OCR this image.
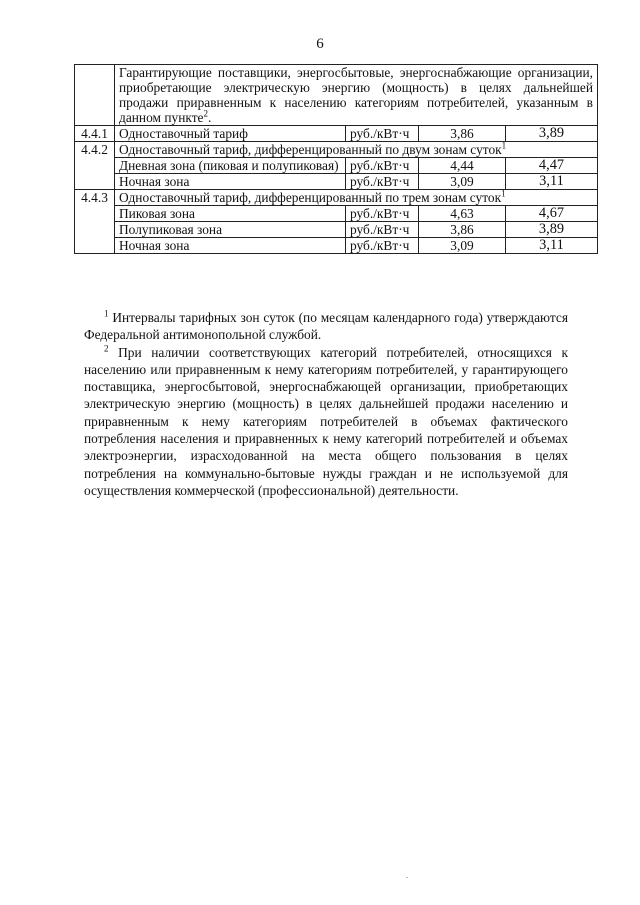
6
	Гарантирующие поставщики, энергосбытовые, энергоснабжающие организации, приобретающие электрическую энергию (мощность) в целях дальнейшей продажи приравненным к населению категориям потребителей, указанным в данном пункте$^2$.			
4.4.1	Одноставочный тариф	руб./кВт·ч	3,86	3,89
4.4.2	Одноставочный тариф, дифференцированный по двум зонам суток$^1$
	Дневная зона (пиковая и полупиковая)	руб./кВт·ч	4,44	4,47
	Ночная зона	руб./кВт·ч	3,09	3,11
4.4.3	Одноставочный тариф, дифференцированный по трем зонам суток$^1$
	Пиковая зона	руб./кВт·ч	4,63	4,67
	Полупиковая зона	руб./кВт·ч	3,86	3,89
	Ночная зона	руб./кВт·ч	3,09	3,11

$^1$ Интервалы тарифных зон суток (по месяцам календарного года) утверждаются Федеральной антимонопольной службой.

$^2$ При наличии соответствующих категорий потребителей, относящихся к населению или приравненным к нему категориям потребителей, у гарантирующего поставщика, энергосбытовой, энергоснабжающей организации, приобретающих электрическую энергию (мощность) в целях дальнейшей продажи населению и приравненным к нему категориям потребителей в объемах фактического потребления населения и приравненных к нему категорий потребителей и объемах электроэнергии, израсходованной на места общего пользования в целях потребления на коммунально-бытовые нужды граждан и не используемой для осуществления коммерческой (профессиональной) деятельности.

.
